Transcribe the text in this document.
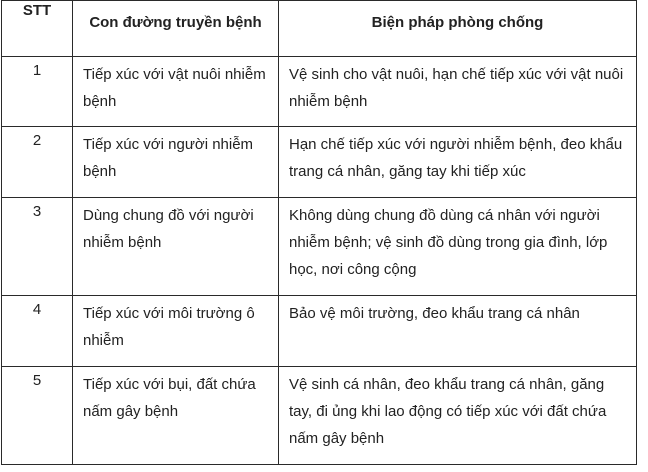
STT	Con đường truyền bệnh	Biện pháp phòng chống
1	Tiếp xúc với vật nuôi nhiễm bệnh	Vệ sinh cho vật nuôi, hạn chế tiếp xúc với vật nuôi nhiễm bệnh
2	Tiếp xúc với người nhiễm bệnh	Hạn chế tiếp xúc với người nhiễm bệnh, đeo khẩu trang cá nhân, găng tay khi tiếp xúc
3	Dùng chung đồ với người nhiễm bệnh	Không dùng chung đồ dùng cá nhân với người nhiễm bệnh; vệ sinh đồ dùng trong gia đình, lớp học, nơi công cộng
4	Tiếp xúc với môi trường ô nhiễm	Bảo vệ môi trường, đeo khẩu trang cá nhân
5	Tiếp xúc với bụi, đất chứa nấm gây bệnh	Vệ sinh cá nhân, đeo khẩu trang cá nhân, găng tay, đi ủng khi lao động có tiếp xúc với đất chứa nấm gây bệnh
